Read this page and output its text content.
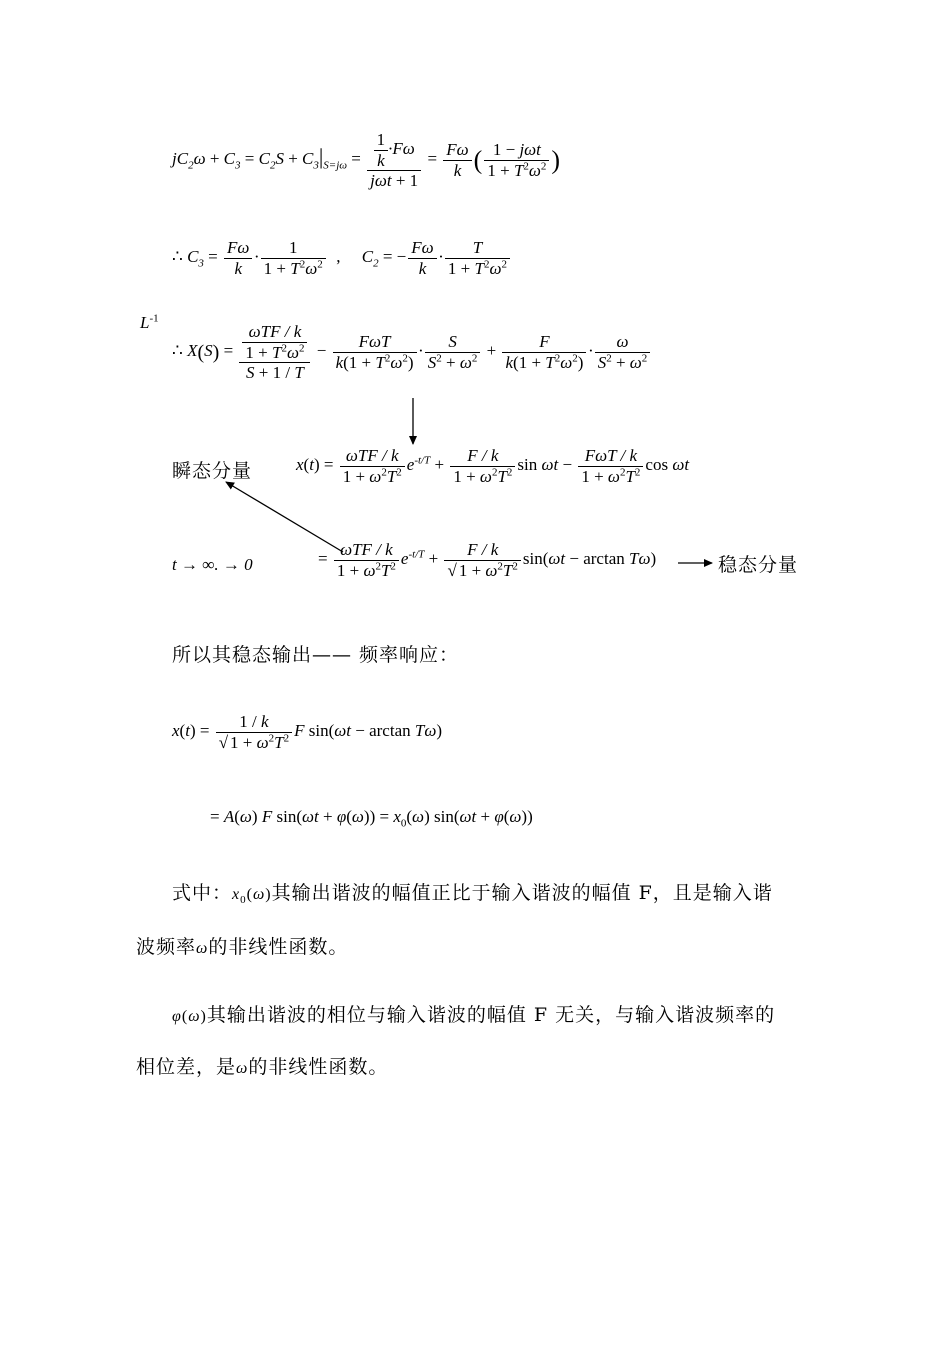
$jC_2\omega + C_3 = C_2S + C_3|_{S=j\omega} = \frac{\frac{1}{k} \cdot F\omega}{\text{jωt + 1}} = \frac{F\omega}{k}$ ( $\frac{\text{1 − jωt}}{1 + T^2\omega^2}$ )
∴ $C_3 = \frac{F\omega}{k} \cdot \frac{1}{1 + T^2\omega^2}$ ,     $C_2$ = − $\frac{F\omega}{k} \cdot \frac{T}{1 + T^2\omega^2}$
$L^{-1}$
∴ $X(S) = \frac{\frac{\text{ωTF / k}}{1 + T^2\omega^2}}{S + 1 / T} - \frac{\text{FωT}}{k(1 + T^2\omega^2)} \cdot \frac{S}{S^2 + \omega^2} + \frac{F}{k(1 + T^2\omega^2)} \cdot \frac{\omega}{S^2 + \omega^2}$
瞬态分量	$x(t) = \frac{\text{ωTF / k}}{1 + \omega^2T^2} e^{-t/T} + \frac{F / k}{1 + \omega^2T^2}$ $\sin \omega t - \frac{\text{FωT / k}}{1 + \omega^2T^2}$ cos ωt
t → ∞. → 0	= $\frac{\text{ωTF / k}}{1 + \omega^2T^2} e^{-t/T} + \frac{F / k}{√ 1 + \omega^2T^2} \sin(\omega t - \arctan T\omega)$	稳态分量
所以其稳态输出—— 频率响应：
$x(t) = \frac{1 / k}{√ 1 + \omega^2T^2}$ F sin(ωt − arctan Tω)
= A(ω) F $\sin(\omega t + \varphi(\omega)) = x_0(\omega) \sin(\omega t + \varphi(\omega))$
式中：$x_0(\omega)$其输出谐波的幅值正比于输入谐波的幅值 F，且是输入谐
波频率ω的非线性函数。
φ(ω)其输出谐波的相位与输入谐波的幅值 F 无关，与输入谐波频率的
相位差，是ω的非线性函数。
